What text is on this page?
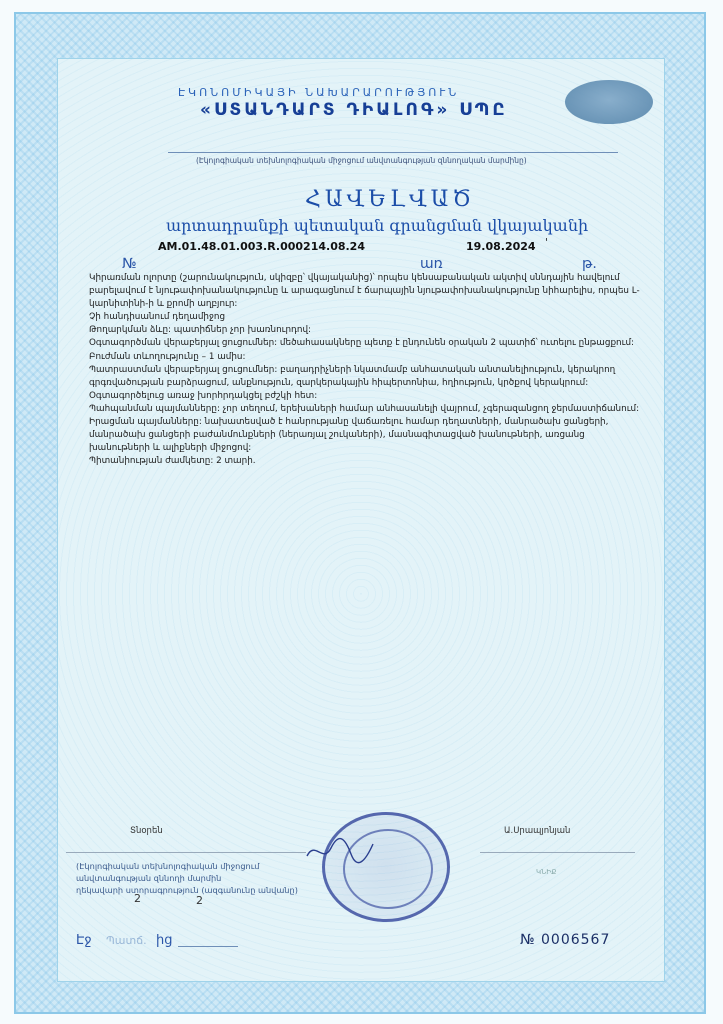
ԷԿՈՆՈՄԻԿԱՅԻ ՆԱԽԱՐԱՐՈՒԹՅՈՒՆ

«ՍՏԱՆԴԱՐՏ ԴԻԱԼՈԳ» ՍՊԸ

(Էկոլոգիական տեխնոլոգիական միջոցում անվտանգության զննողական մարմինը)

ՀԱՎԵԼՎԱԾ

արտադրանքի պետական գրանցման վկայականի

AM.01.48.01.003.R.000214.08.24	19.08.2024 '

№	առ	թ.

Կիրառման ոլորտը (շարունակություն, սկիզբը՝ վկայականից)՝ որպես կենսաբանական ակտիվ սննդային հավելում բարելավում է նյութափոխանակությունը և արագացնում է ճարպային նյութափոխանակությունը նիհարելիս, որպես L-կարնիտինի-ի և քրոմի աղբյուր:

Չի հանդիսանում դեղամիջոց

Թողարկման ձևը: պատիճներ չոր խառնուրդով:

Օգտագործման վերաբերյալ ցուցումներ: մեծահասակները պետք է ընդունեն օրական 2 պատիճ՝ ուտելու ընթացքում: Բուժման տևողությունը – 1 ամիս:

Պատրաստման վերաբերյալ ցուցումներ: բաղադրիչների նկատմամբ անհատական անտանելիություն, կերակրող գրգռվածության բարձրացում, անքնություն, զարկերակային հիպերտոնիա, հղիություն, կրծքով կերակրում: Օգտագործելուց առաջ խորհրդակցել բժշկի հետ:

Պահպանման պայմանները: չոր տեղում, երեխաների համար անհասանելի վայրում, չգերազանցող ջերմաստիճանում:

Իրացման պայմանները: նախատեսված է հանրությանը վաճառելու համար դեղատների, մանրածախ ցանցերի, մանրածախ ցանցերի բաժանմունքների (ներառյալ շուկաների), մասնագիտացված խանութների, առցանց խանութների և ալիքների միջոցով:

Պիտանիության ժամկետը: 2 տարի.

Տնօրեն	Ա.Սրապյոնյան

(Էկոլոգիական տեխնոլոգիական միջոցում

անվտանգության զննողի մարմին

ղեկավարի ստորագրություն (ազգանունը անվանը)

2	2

ԿՆԻՔ

Էջ Պատճ. ից	№ 0006567
